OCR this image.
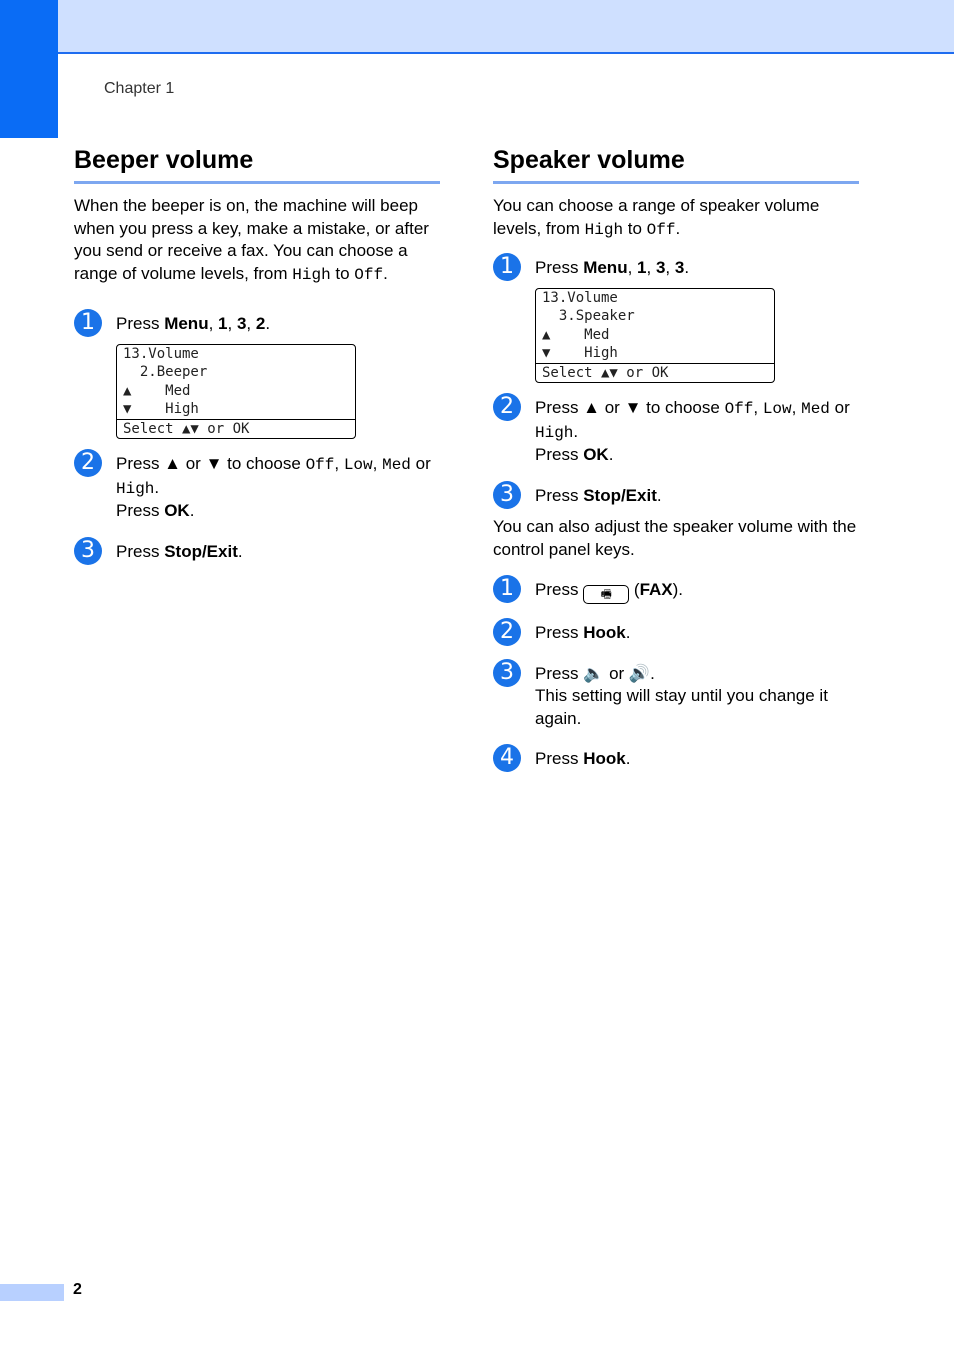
Chapter 1
Beeper volume

When the beeper is on, the machine will beep when you press a key, make a mistake, or after you send or receive a fax. You can choose a range of volume levels, from High to Off.

1	Press Menu, 1, 3, 2.
13.Volume
2.Beeper
▲    Med
▼    High
Select ▲▼ or OK
2	Press ▲ or ▼ to choose Off, Low, Med or High.
Press OK.
3	Press Stop/Exit.
Speaker volume

You can choose a range of speaker volume levels, from High to Off.

1	Press Menu, 1, 3, 3.
13.Volume
3.Speaker
▲    Med
▼    High
Select ▲▼ or OK
2	Press ▲ or ▼ to choose Off, Low, Med or High.
Press OK.
3	Press Stop/Exit.

You can also adjust the speaker volume with the control panel keys.

1	Press 🖷 (FAX).
2	Press Hook.
3	Press 🔈 or 🔊.
This setting will stay until you change it again.
4	Press Hook.
2
